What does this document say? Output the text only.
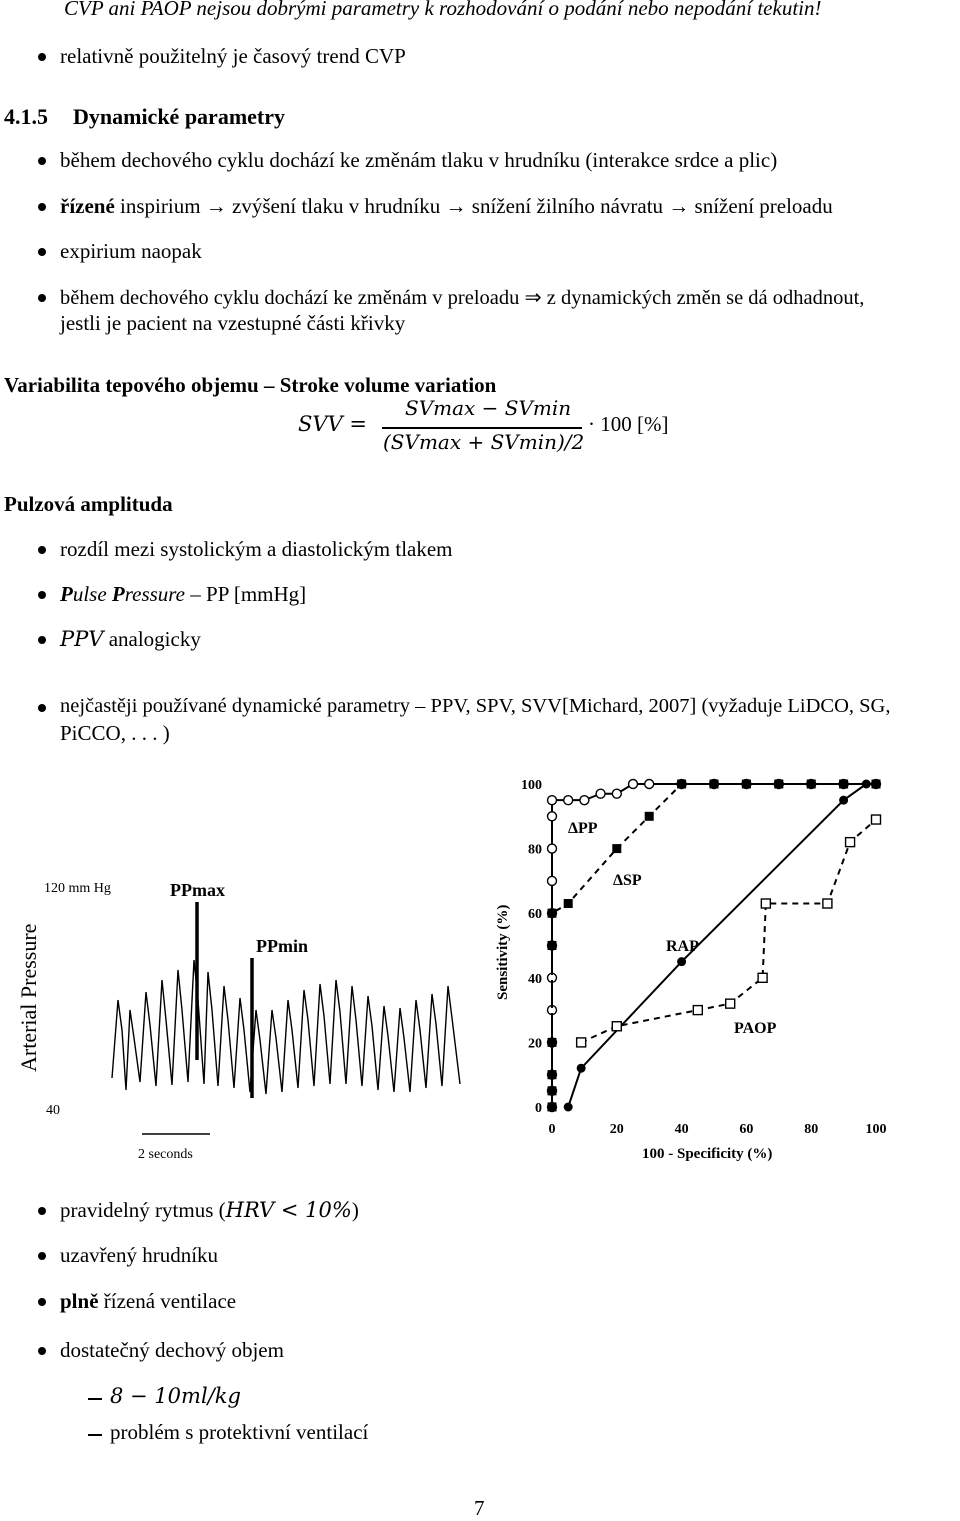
CVP ani PAOP nejsou dobrými parametry k rozhodování o podání nebo nepodání tekutin!
relativně použitelný je časový trend CVP
4.1.5 Dynamické parametry
během dechového cyklu dochází ke změnám tlaku v hrudníku (interakce srdce a plic)
řízené inspirium → zvýšení tlaku v hrudníku → snížení žilního návratu → snížení preloadu
expirium naopak
během dechového cyklu dochází ke změnám v preloadu ⇒ z dynamických změn se dá odhadnout,
jestli je pacient na vzestupné části křivky
Variabilita tepového objemu – Stroke volume variation
SVV =
SVmax − SVmin
(SVmax + SVmin)/2
· 100 [%]
Pulzová amplituda
rozdíl mezi systolickým a diastolickým tlakem
Pulse Pressure – PP [mmHg]
PPV analogicky
nejčastěji používané dynamické parametry – PPV, SPV, SVV[Michard, 2007] (vyžaduje LiDCO, SG,
PiCCO, . . . )
120 mm Hg
Arterial Pressure
40
PPmax
PPmin
2 seconds
0	20	40	60	80	100
0
20
40
60
80
100
100 - Specificity (%)
Sensitivity (%)
ΔPP
ΔSP
RAP
PAOP
pravidelný rytmus (HRV < 10%)
uzavřený hrudníku
plně řízená ventilace
dostatečný dechový objem
8 − 10ml/kg
problém s protektivní ventilací
7
